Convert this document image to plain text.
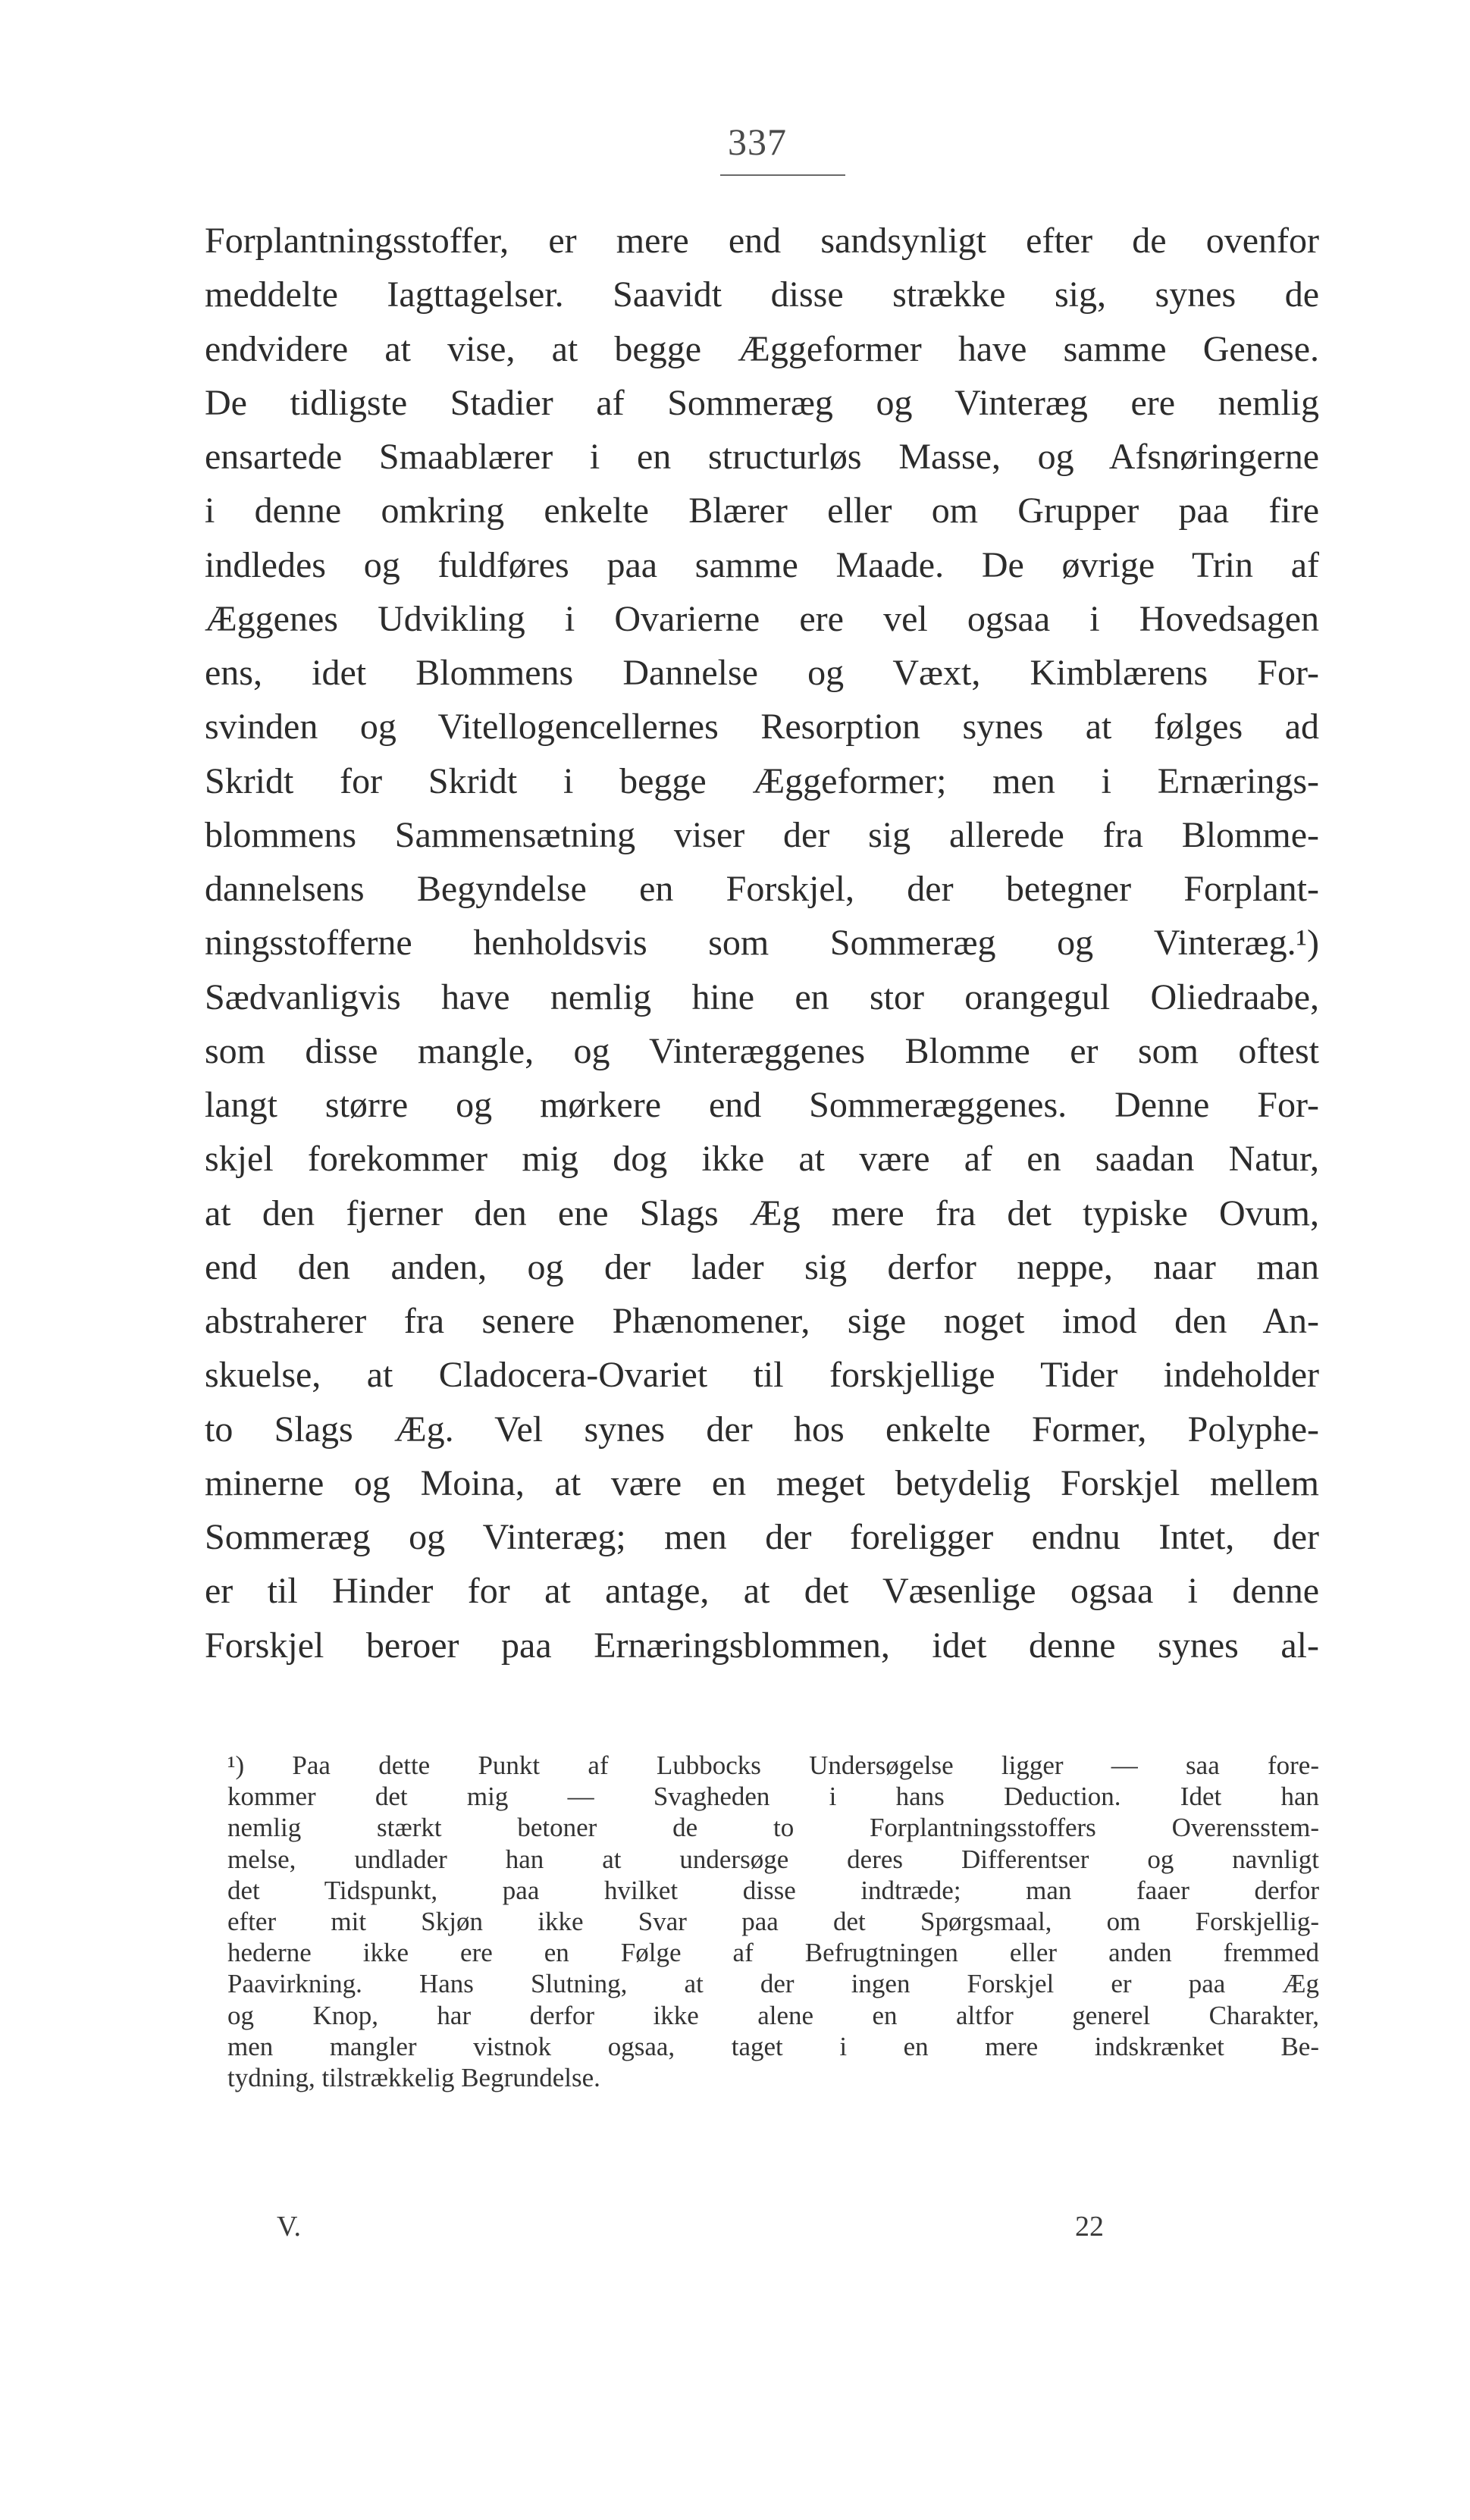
337
Forplantningsstoffer, er mere end sandsynligt efter de ovenfor
meddelte Iagttagelser. Saavidt disse strække sig, synes de
endvidere at vise, at begge Æggeformer have samme Genese.
De tidligste Stadier af Sommeræg og Vinteræg ere nemlig
ensartede Smaablærer i en structurløs Masse, og Afsnøringerne
i denne omkring enkelte Blærer eller om Grupper paa fire
indledes og fuldføres paa samme Maade. De øvrige Trin af
Æggenes Udvikling i Ovarierne ere vel ogsaa i Hovedsagen
ens, idet Blommens Dannelse og Væxt, Kimblærens For-
svinden og Vitellogencellernes Resorption synes at følges ad
Skridt for Skridt i begge Æggeformer; men i Ernærings-
blommens Sammensætning viser der sig allerede fra Blomme-
dannelsens Begyndelse en Forskjel, der betegner Forplant-
ningsstofferne henholdsvis som Sommeræg og Vinteræg.¹)
Sædvanligvis have nemlig hine en stor orangegul Oliedraabe,
som disse mangle, og Vinteræggenes Blomme er som oftest
langt større og mørkere end Sommeræggenes. Denne For-
skjel forekommer mig dog ikke at være af en saadan Natur,
at den fjerner den ene Slags Æg mere fra det typiske Ovum,
end den anden, og der lader sig derfor neppe, naar man
abstraherer fra senere Phænomener, sige noget imod den An-
skuelse, at Cladocera-Ovariet til forskjellige Tider indeholder
to Slags Æg. Vel synes der hos enkelte Former, Polyphe-
minerne og Moina, at være en meget betydelig Forskjel mellem
Sommeræg og Vinteræg; men der foreligger endnu Intet, der
er til Hinder for at antage, at det Væsenlige ogsaa i denne
Forskjel beroer paa Ernæringsblommen, idet denne synes al-
¹) Paa dette Punkt af Lubbocks Undersøgelse ligger — saa fore-
kommer det mig — Svagheden i hans Deduction. Idet han
nemlig stærkt betoner de to Forplantningsstoffers Overensstem-
melse, undlader han at undersøge deres Differentser og navnligt
det Tidspunkt, paa hvilket disse indtræde; man faaer derfor
efter mit Skjøn ikke Svar paa det Spørgsmaal, om Forskjellig-
hederne ikke ere en Følge af Befrugtningen eller anden fremmed
Paavirkning. Hans Slutning, at der ingen Forskjel er paa Æg
og Knop, har derfor ikke alene en altfor generel Charakter,
men mangler vistnok ogsaa, taget i en mere indskrænket Be-
tydning, tilstrækkelig Begrundelse.
V.	22
